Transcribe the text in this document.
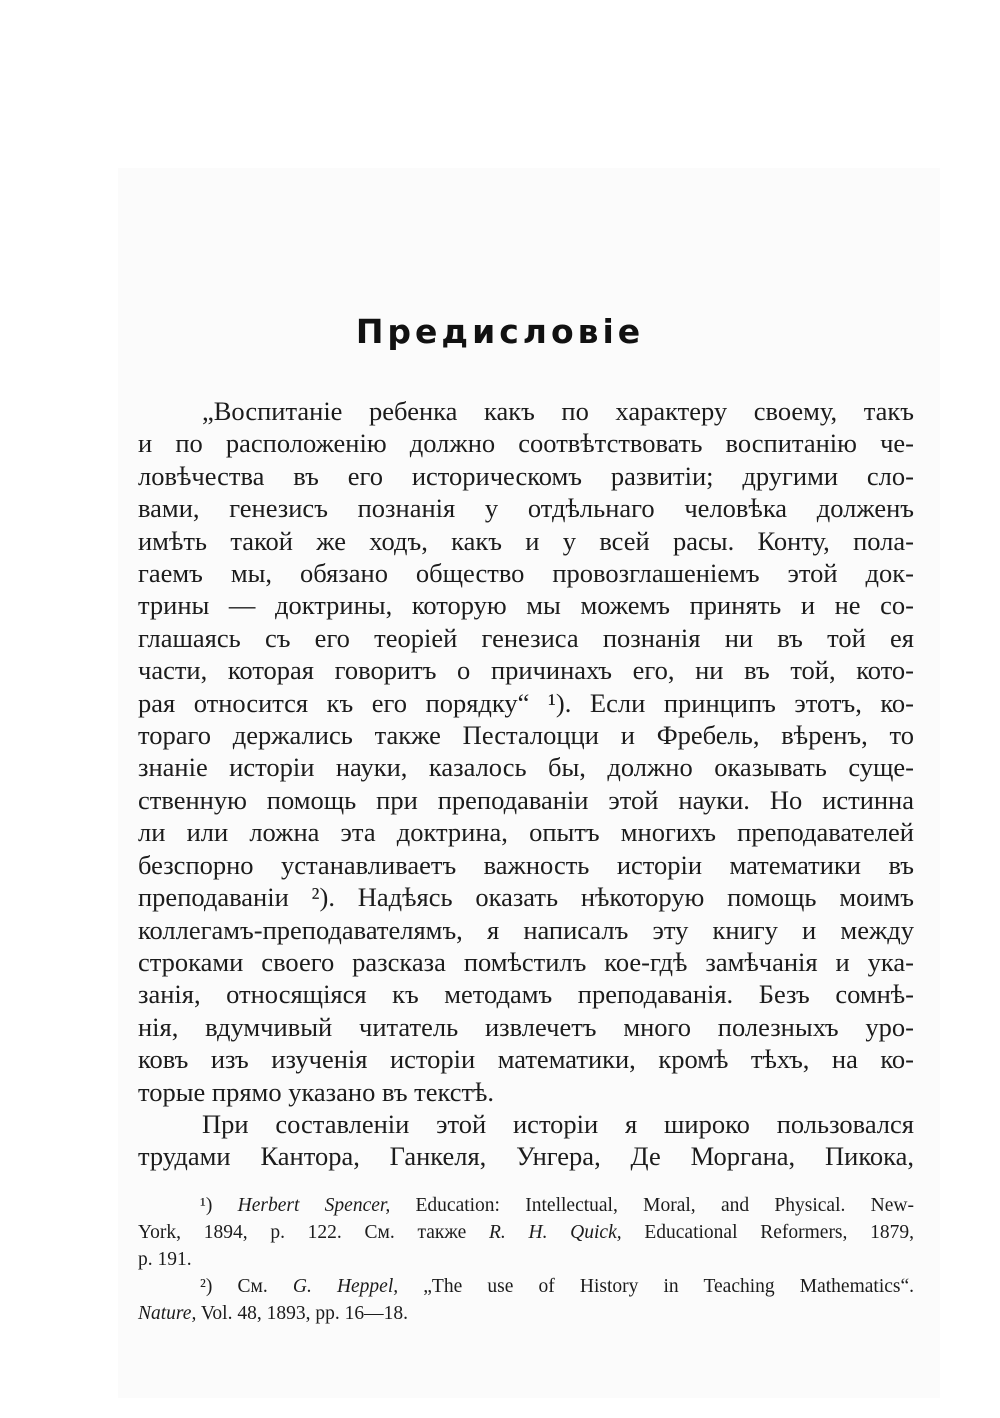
Предисловіе
„Воспитаніе ребенка какъ по характеру своему, такъ
и по расположенію должно соотвѣтствовать воспитанію че-
ловѣчества въ его историческомъ развитіи; другими сло-
вами, генезисъ познанія у отдѣльнаго человѣка долженъ
имѣть такой же ходъ, какъ и у всей расы. Конту, пола-
гаемъ мы, обязано общество провозглашеніемъ этой док-
трины — доктрины, которую мы можемъ принять и не со-
глашаясь съ его теоріей генезиса познанія ни въ той ея
части, которая говоритъ о причинахъ его, ни въ той, кото-
рая относится къ его порядку“ ¹). Если принципъ этотъ, ко-
тораго держались также Песталоцци и Фребель, вѣренъ, то
знаніе исторіи науки, казалось бы, должно оказывать суще-
ственную помощь при преподаваніи этой науки. Но истинна
ли или ложна эта доктрина, опытъ многихъ преподавателей
безспорно устанавливаетъ важность исторіи математики въ
преподаваніи ²). Надѣясь оказать нѣкоторую помощь моимъ
коллегамъ-преподавателямъ, я написалъ эту книгу и между
строками своего разсказа помѣстилъ кое-гдѣ замѣчанія и ука-
занія, относящіяся къ методамъ преподаванія. Безъ сомнѣ-
нія, вдумчивый читатель извлечетъ много полезныхъ уро-
ковъ изъ изученія исторіи математики, кромѣ тѣхъ, на ко-
торые прямо указано въ текстѣ.
При составленіи этой исторіи я широко пользовался
трудами Кантора, Ганкеля, Унгера, Де Моргана, Пикока,
¹) Herbert Spencer, Education: Intellectual, Moral, and Physical. New-
York, 1894, p. 122. См. также R. H. Quick, Educational Reformers, 1879,
p. 191.
²) См. G. Heppel, „The use of History in Teaching Mathematics“.
Nature, Vol. 48, 1893, pp. 16—18.
